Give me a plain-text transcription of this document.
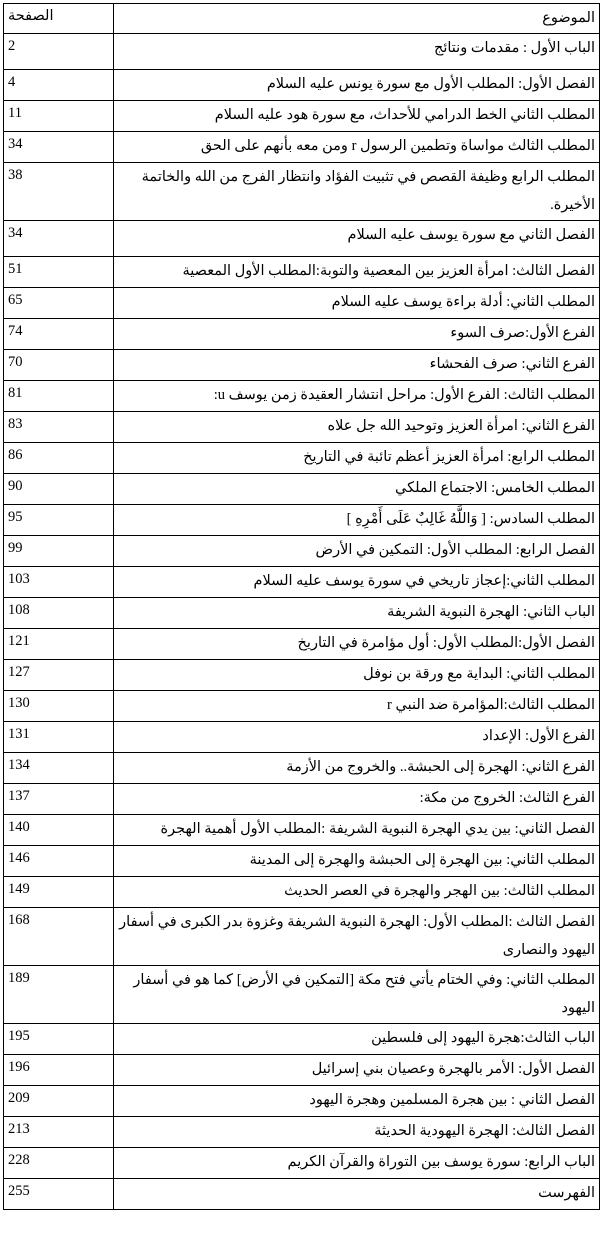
الصفحة	الموضوع
2	الباب الأول : مقدمات ونتائج
4	الفصل الأول: المطلب الأول مع سورة يونس عليه السلام
11	المطلب الثاني الخط الدرامي للأحداث، مع سورة هود عليه السلام
34	المطلب الثالث مواساة وتطمين الرسول r ومن معه بأنهم على الحق
38	المطلب الرابع وظيفة القصص في تثبيت الفؤاد وانتظار الفرج من الله والخاتمة الأخيرة.
34	الفصل الثاني مع سورة يوسف عليه السلام
51	الفصل الثالث: امرأة العزيز بين المعصية والتوبة:المطلب الأول المعصية
65	المطلب الثاني: أدلة براءة يوسف عليه السلام
74	الفرع الأول:صرف السوء
70	الفرع الثاني: صرف الفحشاء
81	المطلب الثالث: الفرع الأول: مراحل انتشار العقيدة زمن يوسف u:
83	الفرع الثاني: امرأة العزيز وتوحيد الله جل علاه
86	المطلب الرابع: امرأة العزيز أعظم تائبة في التاريخ
90	المطلب الخامس: الاجتماع الملكي
95	المطلب السادس: [ وَاللَّهُ غَالِبٌ عَلَى أَمْرِهِ ]
99	الفصل الرابع: المطلب الأول: التمكين في الأرض
103	المطلب الثاني:إعجاز تاريخي في سورة يوسف عليه السلام
108	الباب الثاني: الهجرة النبوية الشريفة
121	الفصل الأول:المطلب الأول: أول مؤامرة في التاريخ
127	المطلب الثاني: البداية مع ورقة بن نوفل
130	المطلب الثالث:المؤامرة ضد النبي r
131	الفرع الأول: الإعداد
134	الفرع الثاني: الهجرة إلى الحبشة.. والخروج من الأزمة
137	الفرع الثالث: الخروج من مكة:
140	الفصل الثاني: بين يدي الهجرة النبوية الشريفة :المطلب الأول أهمية الهجرة
146	المطلب الثاني: بين الهجرة إلى الحبشة والهجرة إلى المدينة
149	المطلب الثالث: بين الهجر والهجرة في العصر الحديث
168	الفصل الثالث :المطلب الأول: الهجرة النبوية الشريفة وغزوة بدر الكبرى في أسفار اليهود والنصارى
189	المطلب الثاني: وفي الختام يأتي فتح مكة [التمكين في الأرض] كما هو في أسفار اليهود
195	الباب الثالث:هجرة اليهود إلى فلسطين
196	الفصل الأول: الأمر بالهجرة وعصيان بني إسرائيل
209	الفصل الثاني : بين هجرة المسلمين وهجرة اليهود
213	الفصل الثالث: الهجرة اليهودية الحديثة
228	الباب الرابع: سورة يوسف بين التوراة والقرآن الكريم
255	الفهرست
